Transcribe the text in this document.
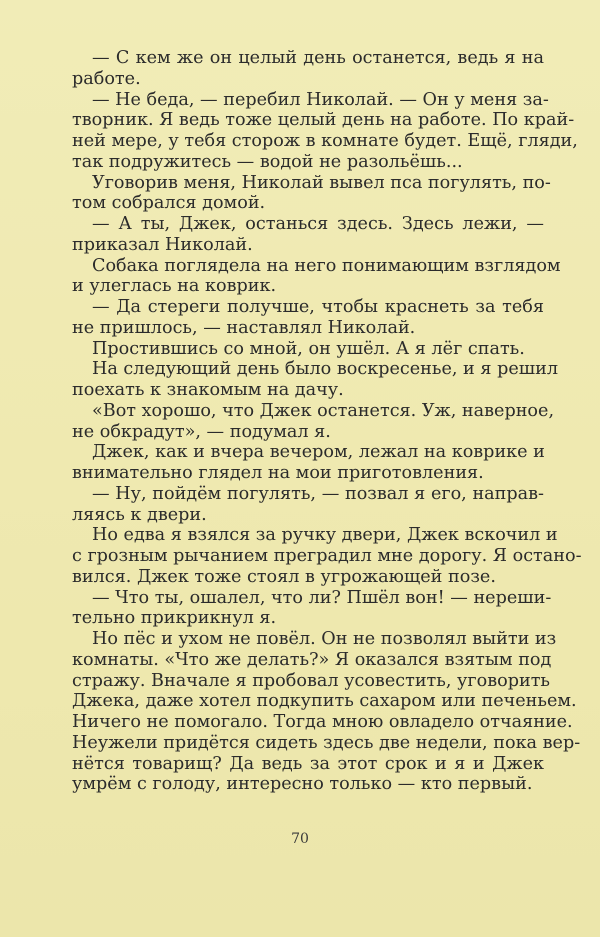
— С кем же он целый день останется, ведь я на
работе.
— Не беда, — перебил Николай. — Он у меня за-
творник. Я ведь тоже целый день на работе. По край-
ней мере, у тебя сторож в комнате будет. Ещё, гляди,
так подружитесь — водой не разольёшь...
Уговорив меня, Николай вывел пса погулять, по-
том собрался домой.
— А ты, Джек, останься здесь. Здесь лежи, —
приказал Николай.
Собака поглядела на него понимающим взглядом
и улеглась на коврик.
— Да стереги получше, чтобы краснеть за тебя
не пришлось, — наставлял Николай.
Простившись со мной, он ушёл. А я лёг спать.
На следующий день было воскресенье, и я решил
поехать к знакомым на дачу.
«Вот хорошо, что Джек останется. Уж, наверное,
не обкрадут», — подумал я.
Джек, как и вчера вечером, лежал на коврике и
внимательно глядел на мои приготовления.
— Ну, пойдём погулять, — позвал я его, направ-
ляясь к двери.
Но едва я взялся за ручку двери, Джек вскочил и
с грозным рычанием преградил мне дорогу. Я остано-
вился. Джек тоже стоял в угрожающей позе.
— Что ты, ошалел, что ли? Пшёл вон! — нереши-
тельно прикрикнул я.
Но пёс и ухом не повёл. Он не позволял выйти из
комнаты. «Что же делать?» Я оказался взятым под
стражу. Вначале я пробовал усовестить, уговорить
Джека, даже хотел подкупить сахаром или печеньем.
Ничего не помогало. Тогда мною овладело отчаяние.
Неужели придётся сидеть здесь две недели, пока вер-
нётся товарищ? Да ведь за этот срок и я и Джек
умрём с голоду, интересно только — кто первый.
70
